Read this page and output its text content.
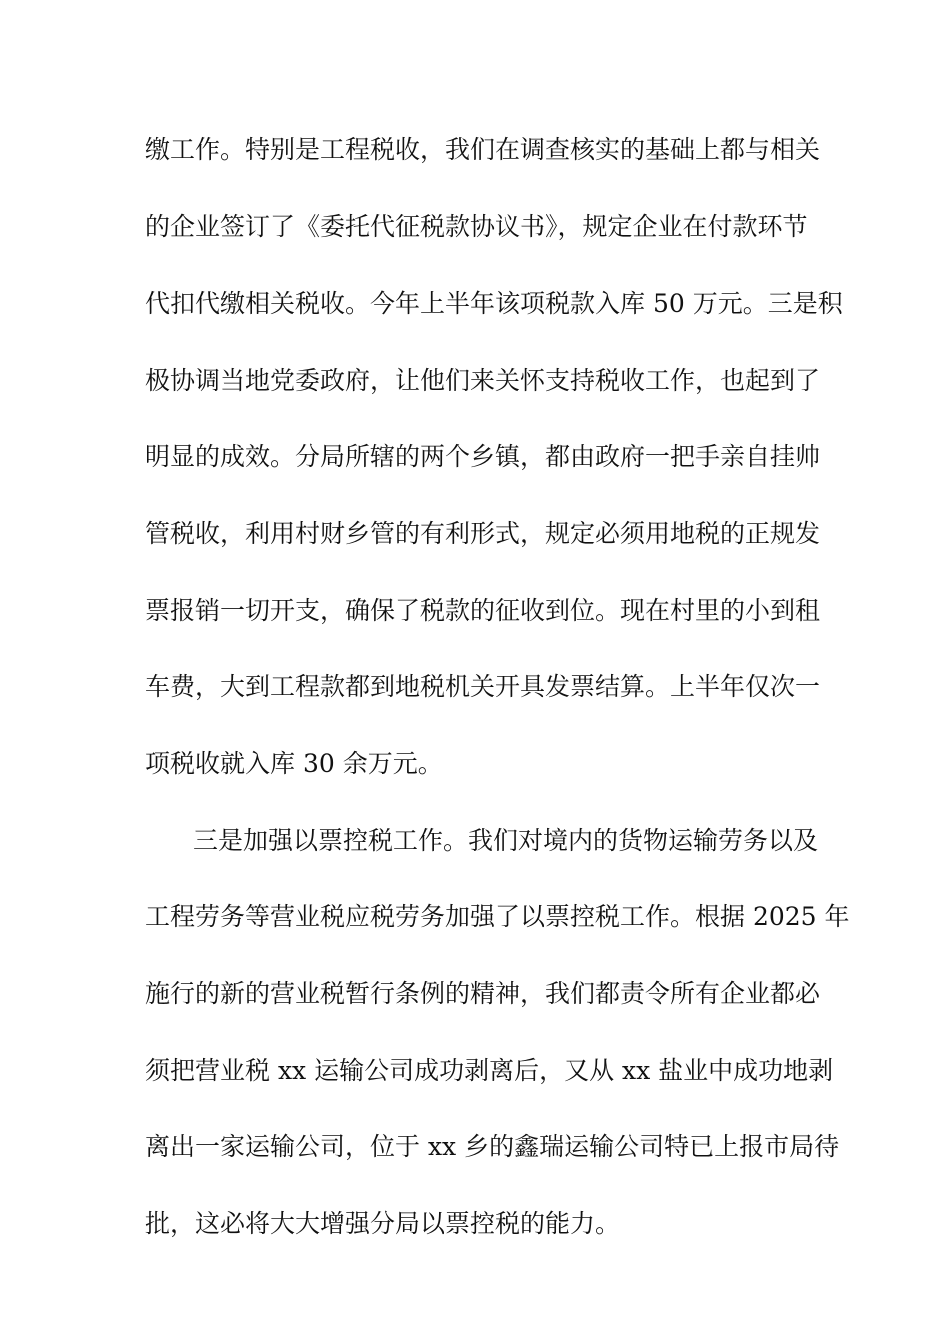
缴工作。特别是工程税收，我们在调查核实的基础上都与相关
的企业签订了《委托代征税款协议书》，规定企业在付款环节
代扣代缴相关税收。今年上半年该项税款入库 50 万元。三是积
极协调当地党委政府，让他们来关怀支持税收工作，也起到了
明显的成效。分局所辖的两个乡镇，都由政府一把手亲自挂帅
管税收，利用村财乡管的有利形式，规定必须用地税的正规发
票报销一切开支，确保了税款的征收到位。现在村里的小到租
车费，大到工程款都到地税机关开具发票结算。上半年仅次一
项税收就入库 30 余万元。
三是加强以票控税工作。我们对境内的货物运输劳务以及
工程劳务等营业税应税劳务加强了以票控税工作。根据 2025 年
施行的新的营业税暂行条例的精神，我们都责令所有企业都必
须把营业税 xx 运输公司成功剥离后，又从 xx 盐业中成功地剥
离出一家运输公司，位于 xx 乡的鑫瑞运输公司特已上报市局待
批，这必将大大增强分局以票控税的能力。
